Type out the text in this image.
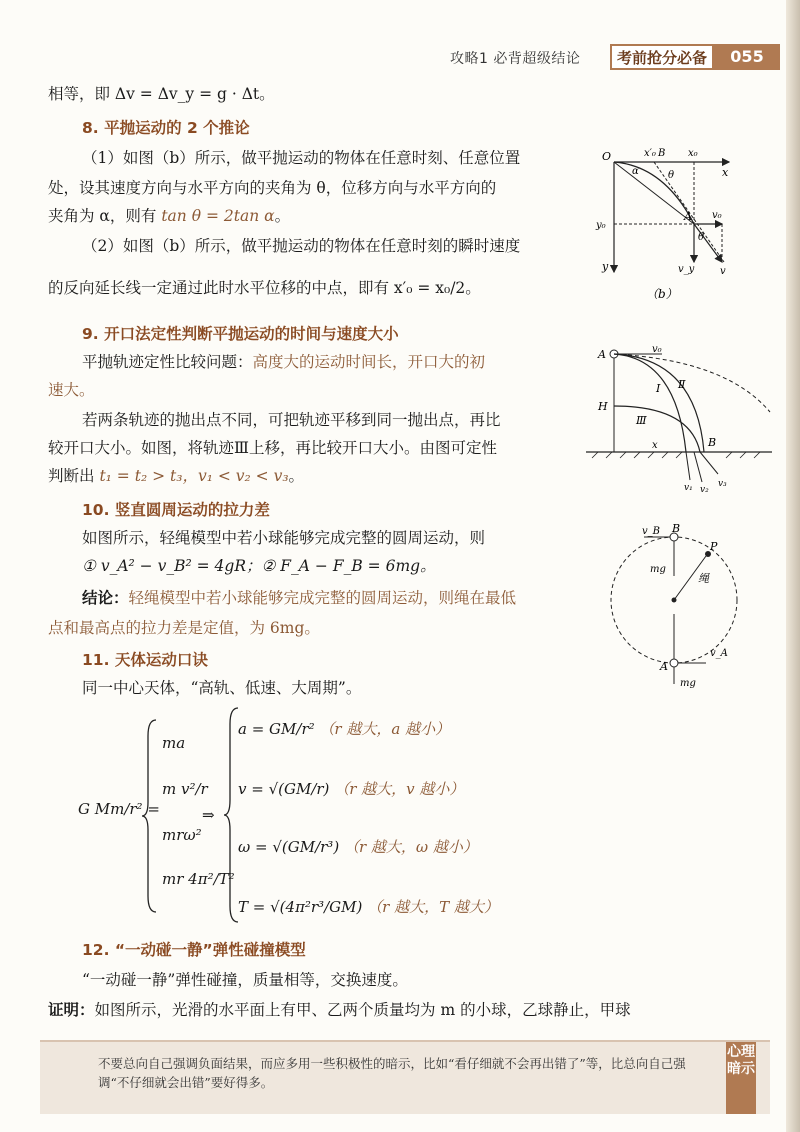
攻略1 必背超级结论	考前抢分必备	055
相等，即 Δv = Δv_y = g · Δt。
8. 平抛运动的 2 个推论
（1）如图（b）所示，做平抛运动的物体在任意时刻、任意位置
处，设其速度方向与水平方向的夹角为 θ，位移方向与水平方向的
夹角为 α，则有 tan θ = 2tan α。
（2）如图（b）所示，做平抛运动的物体在任意时刻的瞬时速度
的反向延长线一定通过此时水平位移的中点，即有 x′₀ = x₀/2。
O	x′₀ B x₀
x
α	θ
A v₀
y₀
θ
y	v_y	v
（b）
9. 开口法定性判断平抛运动的时间与速度大小
平抛轨迹定性比较问题：高度大的运动时间长，开口大的初
速大。
若两条轨迹的抛出点不同，可把轨迹平移到同一抛出点，再比
较开口大小。如图，将轨迹Ⅲ上移，再比较开口大小。由图可定性
判断出 t₁ = t₂ > t₃，v₁ < v₂ < v₃。
A	v₀
Ⅰ Ⅱ
H
Ⅲ
x	B
v₁ v₂
v₃
10. 竖直圆周运动的拉力差
如图所示，轻绳模型中若小球能够完成完整的圆周运动，则
① v_A² − v_B² = 4gR；② F_A − F_B = 6mg。
结论：轻绳模型中若小球能够完成完整的圆周运动，则绳在最低
点和最高点的拉力差是定值，为 6mg。
v_B B
P
mg
绳
A
v_A
mg
11. 天体运动口诀
同一中心天体，“高轨、低速、大周期”。
G Mm/r² =
ma
m v²/r
mrω²
mr 4π²/T²
⇒
a = GM/r² （r 越大，a 越小）
v = √(GM/r) （r 越大，v 越小）
ω = √(GM/r³) （r 越大，ω 越小）
T = √(4π²r³/GM) （r 越大，T 越大）
12. “一动碰一静”弹性碰撞模型
“一动碰一静”弹性碰撞，质量相等，交换速度。
证明：如图所示，光滑的水平面上有甲、乙两个质量均为 m 的小球，乙球静止，甲球
不要总向自己强调负面结果，而应多用一些积极性的暗示，比如“看仔细就不会再出错了”等，比总向自己强调“不仔细就会出错”要好得多。
心理暗示
